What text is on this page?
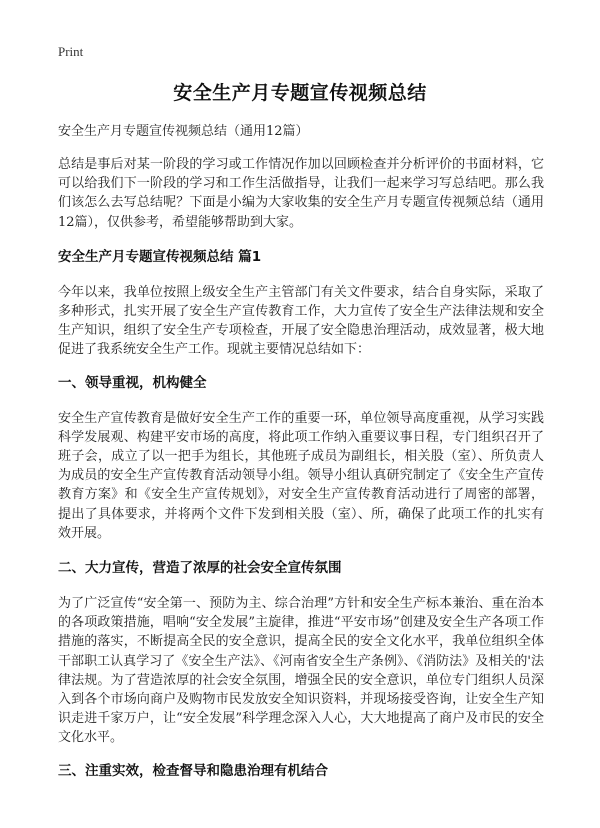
Print
安全生产月专题宣传视频总结
安全生产月专题宣传视频总结（通用12篇）

总结是事后对某一阶段的学习或工作情况作加以回顾检查并分析评价的书面材料，它可以给我们下一阶段的学习和工作生活做指导，让我们一起来学习写总结吧。那么我们该怎么去写总结呢？下面是小编为大家收集的安全生产月专题宣传视频总结（通用12篇），仅供参考，希望能够帮助到大家。

安全生产月专题宣传视频总结 篇1

今年以来，我单位按照上级安全生产主管部门有关文件要求，结合自身实际，采取了多种形式，扎实开展了安全生产宣传教育工作，大力宣传了安全生产法律法规和安全生产知识，组织了安全生产专项检查，开展了安全隐患治理活动，成效显著，极大地促进了我系统安全生产工作。现就主要情况总结如下：

一、领导重视，机构健全

安全生产宣传教育是做好安全生产工作的重要一环，单位领导高度重视，从学习实践科学发展观、构建平安市场的高度，将此项工作纳入重要议事日程，专门组织召开了班子会，成立了以一把手为组长，其他班子成员为副组长，相关股（室）、所负责人为成员的安全生产宣传教育活动领导小组。领导小组认真研究制定了《安全生产宣传教育方案》和《安全生产宣传规划》，对安全生产宣传教育活动进行了周密的部署，提出了具体要求，并将两个文件下发到相关股（室）、所，确保了此项工作的扎实有效开展。

二、大力宣传，营造了浓厚的社会安全宣传氛围

为了广泛宣传“安全第一、预防为主、综合治理”方针和安全生产标本兼治、重在治本的各项政策措施，唱响“安全发展”主旋律，推进“平安市场”创建及安全生产各项工作措施的落实，不断提高全民的安全意识，提高全民的安全文化水平，我单位组织全体干部职工认真学习了《安全生产法》、《河南省安全生产条例》、《消防法》及相关的'法律法规。为了营造浓厚的社会安全氛围，增强全民的安全意识，单位专门组织人员深入到各个市场向商户及购物市民发放安全知识资料，并现场接受咨询，让安全生产知识走进千家万户，让“安全发展”科学理念深入人心，大大地提高了商户及市民的安全文化水平。

三、注重实效，检查督导和隐患治理有机结合
